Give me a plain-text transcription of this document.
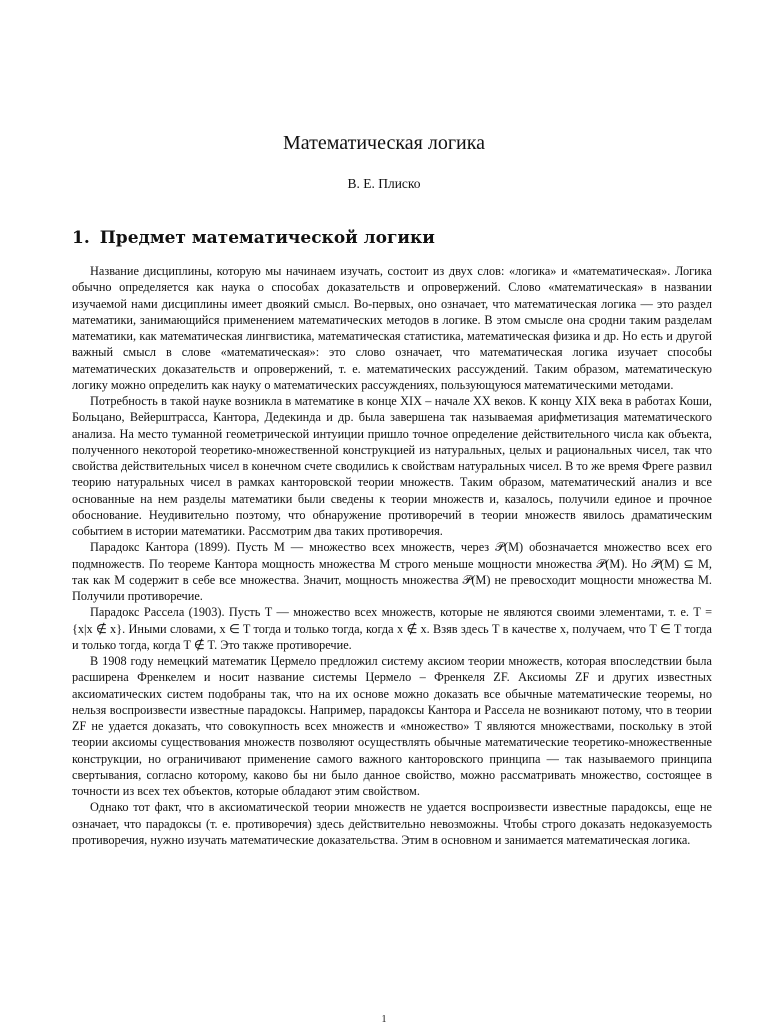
Математическая логика
В. Е. Плиско
1. Предмет математической логики

Название дисциплины, которую мы начинаем изучать, состоит из двух слов: «логика» и «математическая». Логика обычно определяется как наука о способах доказательств и опровержений. Слово «математическая» в названии изучаемой нами дисциплины имеет двоякий смысл. Во-первых, оно означает, что математическая логика — это раздел математики, занимающийся применением математических методов в логике. В этом смысле она сродни таким разделам математики, как математическая лингвистика, математическая статистика, математическая физика и др. Но есть и другой важный смысл в слове «математическая»: это слово означает, что математическая логика изучает способы математических доказательств и опровержений, т. е. математических рассуждений. Таким образом, математическую логику можно определить как науку о математических рассуждениях, пользующуюся математическими методами.

Потребность в такой науке возникла в математике в конце XIX – начале XX веков. К концу XIX века в работах Коши, Больцано, Вейерштрасса, Кантора, Дедекинда и др. была завершена так называемая арифметизация математического анализа. На место туманной геометрической интуиции пришло точное определение действительного числа как объекта, полученного некоторой теоретико-множественной конструкцией из натуральных, целых и рациональных чисел, так что свойства действительных чисел в конечном счете сводились к свойствам натуральных чисел. В то же время Фреге развил теорию натуральных чисел в рамках канторовской теории множеств. Таким образом, математический анализ и все основанные на нем разделы математики были сведены к теории множеств и, казалось, получили единое и прочное обоснование. Неудивительно поэтому, что обнаружение противоречий в теории множеств явилось драматическим событием в истории математики. Рассмотрим два таких противоречия.

Парадокс Кантора (1899). Пусть M — множество всех множеств, через 𝒫(M) обозначается множество всех его подмножеств. По теореме Кантора мощность множества M строго меньше мощности множества 𝒫(M). Но 𝒫(M) ⊆ M, так как M содержит в себе все множества. Значит, мощность множества 𝒫(M) не превосходит мощности множества M. Получили противоречие.

Парадокс Рассела (1903). Пусть T — множество всех множеств, которые не являются своими элементами, т. е. T = {x|x ∉ x}. Иными словами, x ∈ T тогда и только тогда, когда x ∉ x. Взяв здесь T в качестве x, получаем, что T ∈ T тогда и только тогда, когда T ∉ T. Это также противоречие.

В 1908 году немецкий математик Цермело предложил систему аксиом теории множеств, которая впоследствии была расширена Френкелем и носит название системы Цермело – Френкеля ZF. Аксиомы ZF и других известных аксиоматических систем подобраны так, что на их основе можно доказать все обычные математические теоремы, но нельзя воспроизвести известные парадоксы. Например, парадоксы Кантора и Рассела не возникают потому, что в теории ZF не удается доказать, что совокупность всех множеств и «множество» T являются множествами, поскольку в этой теории аксиомы существования множеств позволяют осуществлять обычные математические теоретико-множественные конструкции, но ограничивают применение самого важного канторовского принципа — так называемого принципа свертывания, согласно которому, каково бы ни было данное свойство, можно рассматривать множество, состоящее в точности из всех тех объектов, которые обладают этим свойством.

Однако тот факт, что в аксиоматической теории множеств не удается воспроизвести известные парадоксы, еще не означает, что парадоксы (т. е. противоречия) здесь действительно невозможны. Чтобы строго доказать недоказуемость противоречия, нужно изучать математические доказательства. Этим в основном и занимается математическая логика.

1
